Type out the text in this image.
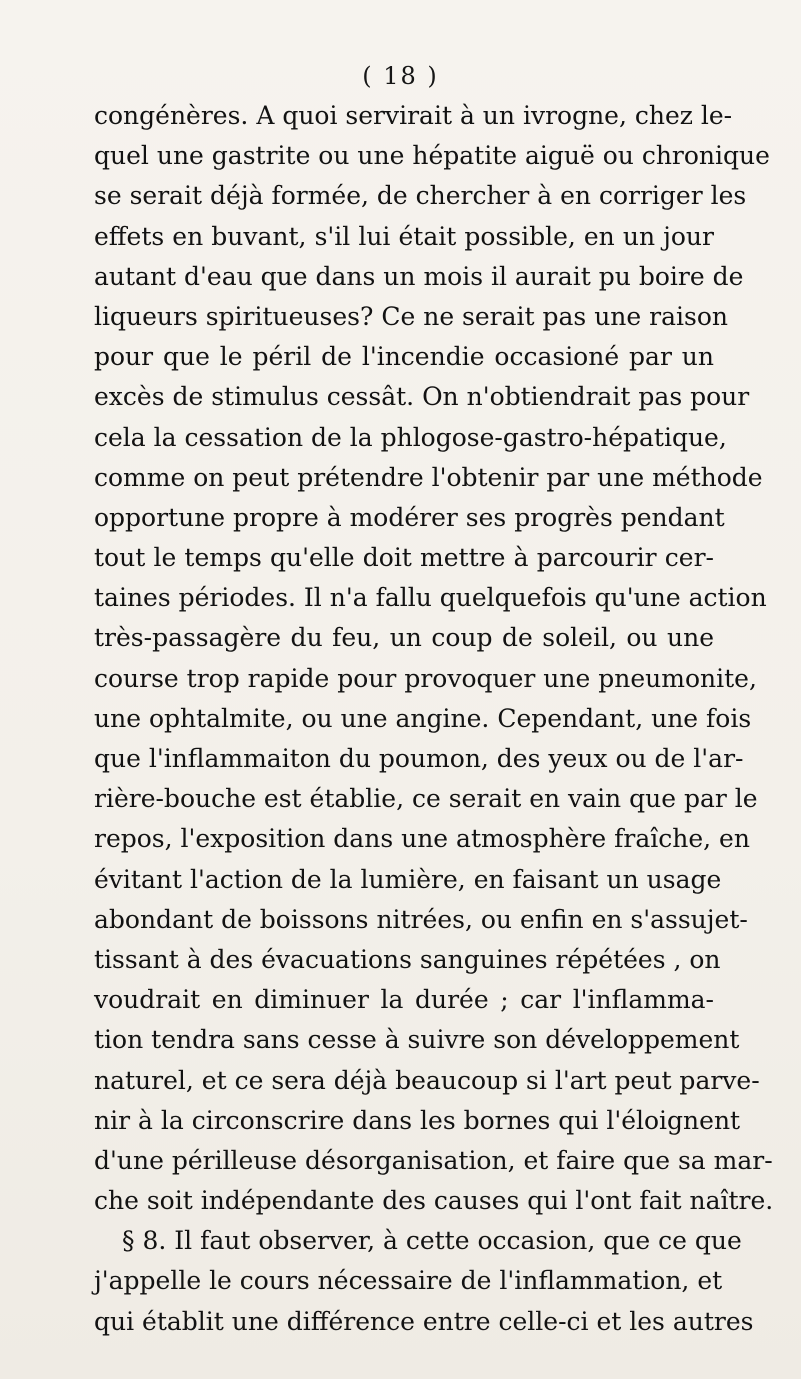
( 18 )
congénères. A quoi servirait à un ivrogne, chez le-
quel une gastrite ou une hépatite aiguë ou chronique
se serait déjà formée, de chercher à en corriger les
effets en buvant, s'il lui était possible, en un jour
autant d'eau que dans un mois il aurait pu boire de
liqueurs spiritueuses? Ce ne serait pas une raison
pour que le péril de l'incendie occasioné par un
excès de stimulus cessât. On n'obtiendrait pas pour
cela la cessation de la phlogose-gastro-hépatique,
comme on peut prétendre l'obtenir par une méthode
opportune propre à modérer ses progrès pendant
tout le temps qu'elle doit mettre à parcourir cer-
taines périodes. Il n'a fallu quelquefois qu'une action
très-passagère du feu, un coup de soleil, ou une
course trop rapide pour provoquer une pneumonite,
une ophtalmite, ou une angine. Cependant, une fois
que l'inflammaiton du poumon, des yeux ou de l'ar-
rière-bouche est établie, ce serait en vain que par le
repos, l'exposition dans une atmosphère fraîche, en
évitant l'action de la lumière, en faisant un usage
abondant de boissons nitrées, ou enfin en s'assujet-
tissant à des évacuations sanguines répétées , on
voudrait en diminuer la durée ; car l'inflamma-
tion tendra sans cesse à suivre son développement
naturel, et ce sera déjà beaucoup si l'art peut parve-
nir à la circonscrire dans les bornes qui l'éloignent
d'une périlleuse désorganisation, et faire que sa mar-
che soit indépendante des causes qui l'ont fait naître.
§ 8. Il faut observer, à cette occasion, que ce que
j'appelle le cours nécessaire de l'inflammation, et
qui établit une différence entre celle-ci et les autres
